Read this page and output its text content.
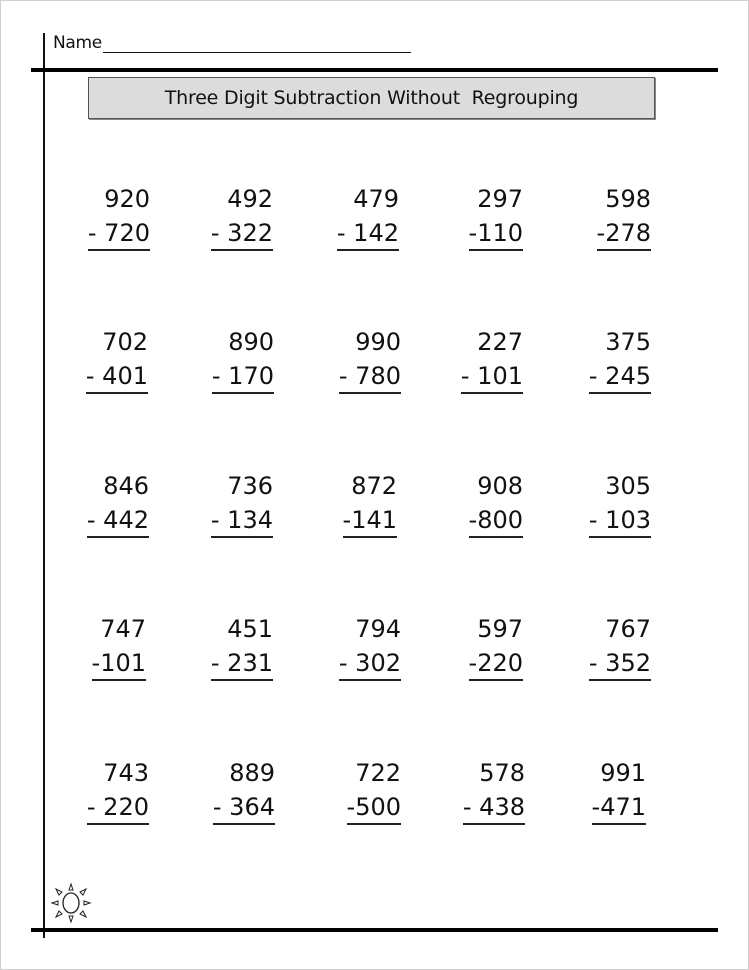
Name
Three Digit Subtraction Without  Regrouping
920
- 720
492
- 322
479
- 142
297
-110
598
-278
702
- 401
890
- 170
990
- 780
227
- 101
375
- 245
846
- 442
736
- 134
872
-141
908
-800
305
- 103
747
-101
451
- 231
794
- 302
597
-220
767
- 352
743
- 220
889
- 364
722
-500
578
- 438
991
-471
